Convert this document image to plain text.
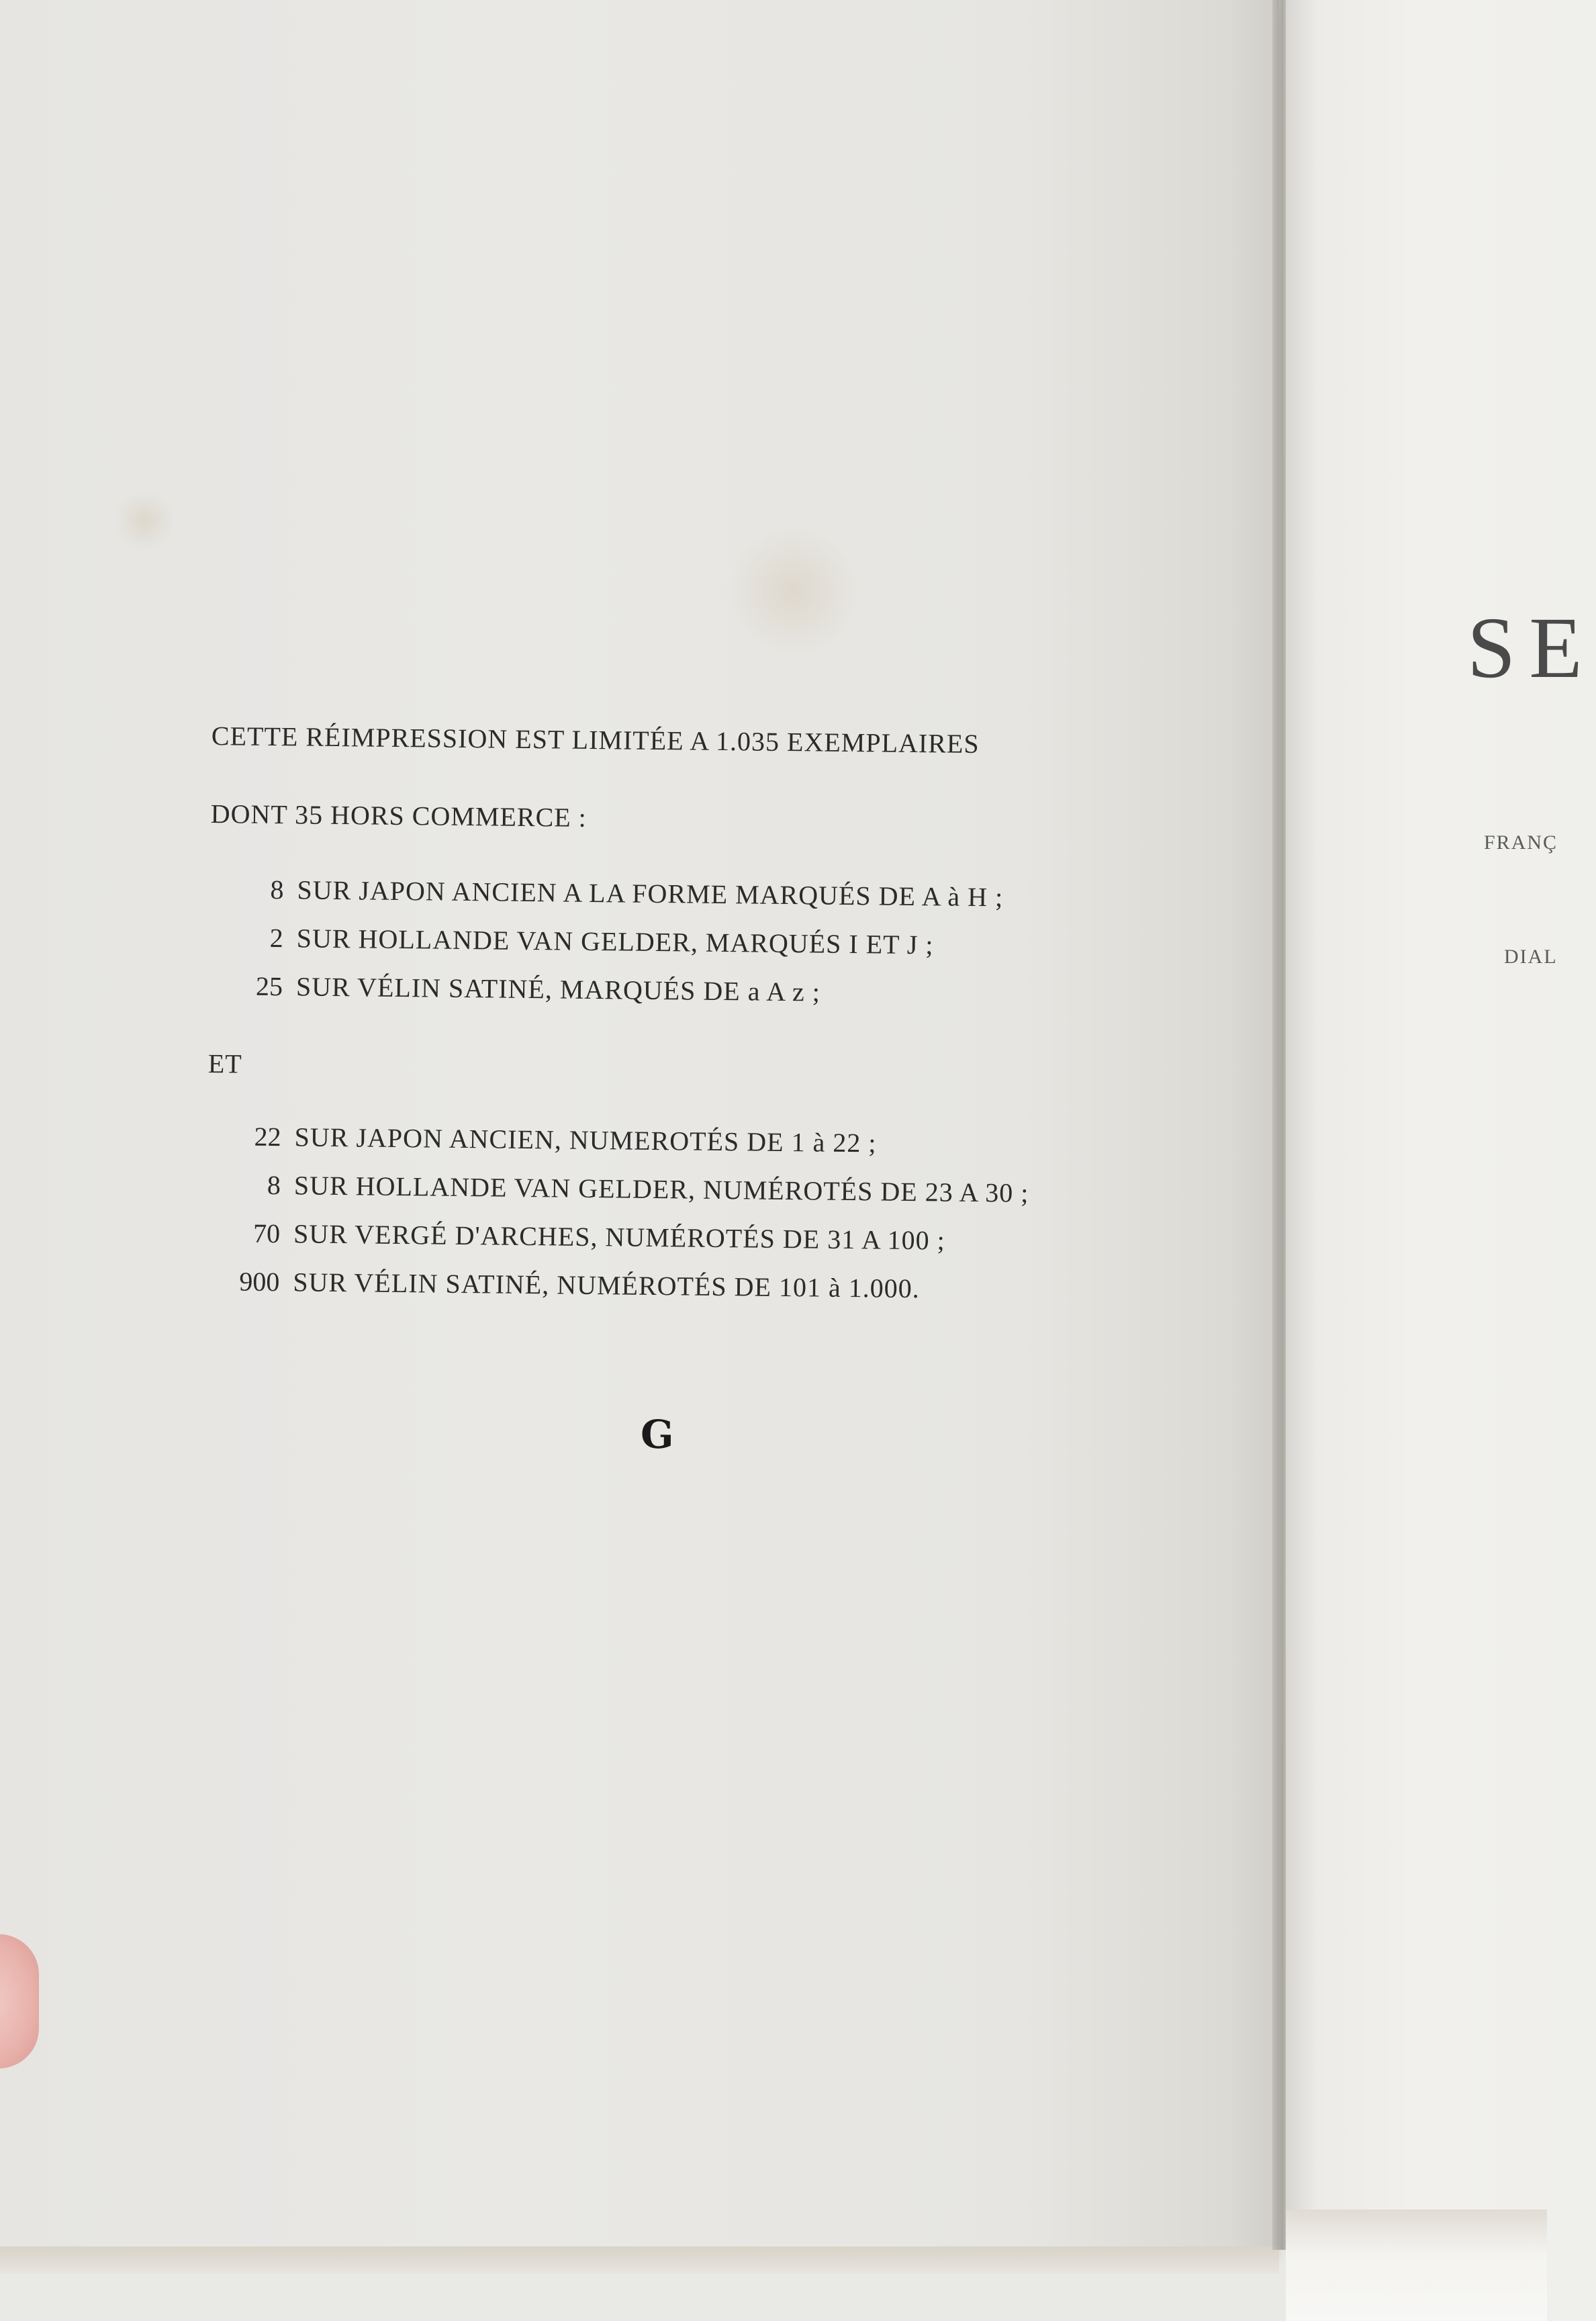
CETTE RÉIMPRESSION EST LIMITÉE A 1.035 EXEMPLAIRES
DONT 35 HORS COMMERCE :
8 SUR JAPON ANCIEN A LA FORME MARQUÉS DE A à H ;
2 SUR HOLLANDE VAN GELDER, MARQUÉS I ET J ;
25 SUR VÉLIN SATINÉ, MARQUÉS DE a A z ;
ET
22 SUR JAPON ANCIEN, NUMEROTÉS DE 1 à 22 ;
8 SUR HOLLANDE VAN GELDER, NUMÉROTÉS DE 23 A 30 ;
70 SUR VERGÉ D'ARCHES, NUMÉROTÉS DE 31 A 100 ;
900 SUR VÉLIN SATINÉ, NUMÉROTÉS DE 101 à 1.000.
G
SE
FRANÇ
DIAL
